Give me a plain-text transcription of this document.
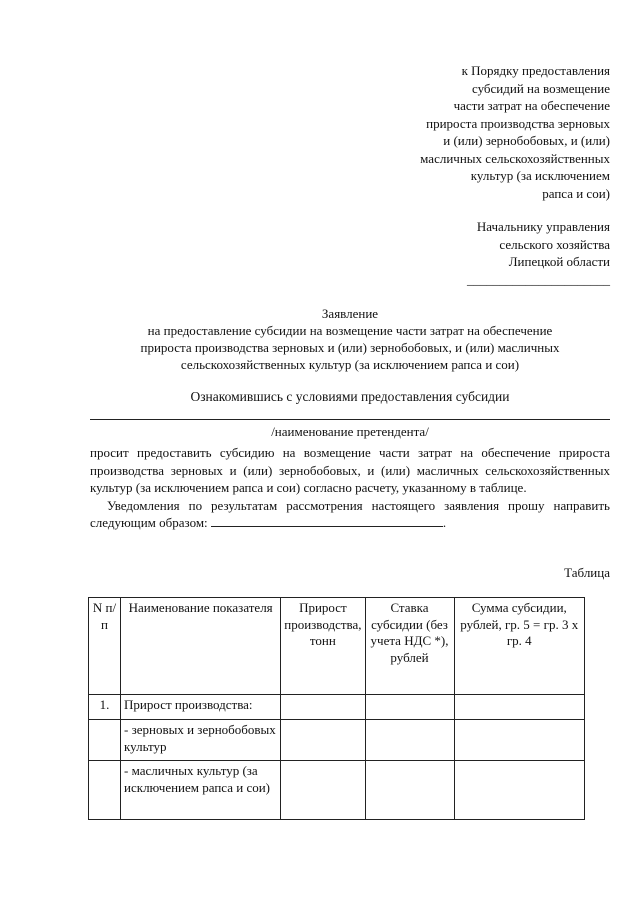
к Порядку предоставления
субсидий на возмещение
части затрат на обеспечение
прироста производства зерновых
и (или) зернобобовых, и (или)
масличных сельскохозяйственных
культур (за исключением
рапса и сои)
Начальнику управления
сельского хозяйства
Липецкой области
______________________
Заявление
на предоставление субсидии на возмещение части затрат на обеспечение
прироста производства зерновых и (или) зернобобовых, и (или) масличных
сельскохозяйственных культур (за исключением рапса и сои)
Ознакомившись с условиями предоставления субсидии
/наименование претендента/

просит предоставить субсидию на возмещение части затрат на обеспечение прироста производства зерновых и (или) зернобобовых, и (или) масличных сельскохозяйственных культур (за исключением рапса и сои) согласно расчету, указанному в таблице.

Уведомления по результатам рассмотрения настоящего заявления прошу направить следующим образом:	.

Таблица
N п/п	Наименование показателя	Прирост производства, тонн	Ставка субсидии (без учета НДС *), рублей	Сумма субсидии, рублей, гр. 5 = гр. 3 x гр. 4
1.	Прирост производства:			
	- зерновых и зернобобовых культур			
	- масличных культур (за исключением рапса и сои)			
